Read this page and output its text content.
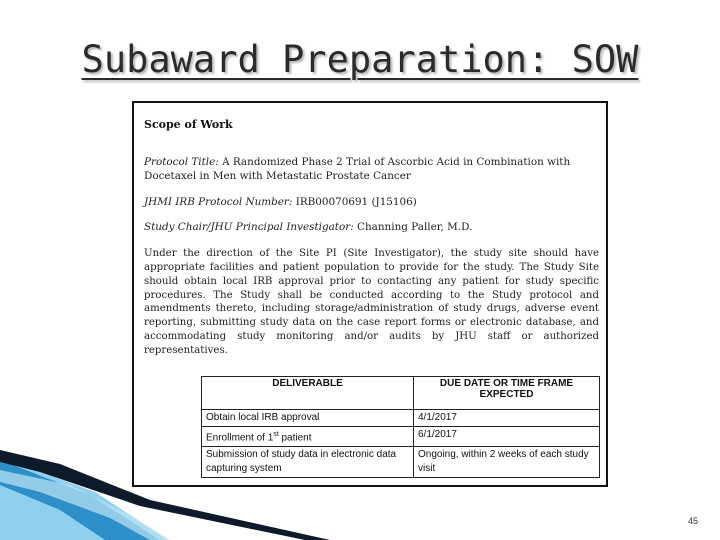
Subaward Preparation: SOW
Scope of Work
Protocol Title: A Randomized Phase 2 Trial of Ascorbic Acid in Combination with Docetaxel in Men with Metastatic Prostate Cancer
JHMI IRB Protocol Number: IRB00070691 (J15106)
Study Chair/JHU Principal Investigator: Channing Paller, M.D.
Under the direction of the Site PI (Site Investigator), the study site should have appropriate facilities and patient population to provide for the study. The Study Site should obtain local IRB approval prior to contacting any patient for study specific procedures. The Study shall be conducted according to the Study protocol and amendments thereto, including storage/administration of study drugs, adverse event reporting, submitting study data on the case report forms or electronic database, and accommodating study monitoring and/or audits by JHU staff or authorized representatives.
DELIVERABLE	DUE DATE OR TIME FRAME EXPECTED
Obtain local IRB approval	4/1/2017
Enrollment of 1st patient	6/1/2017
Submission of study data in electronic data capturing system	Ongoing, within 2 weeks of each study visit
45
